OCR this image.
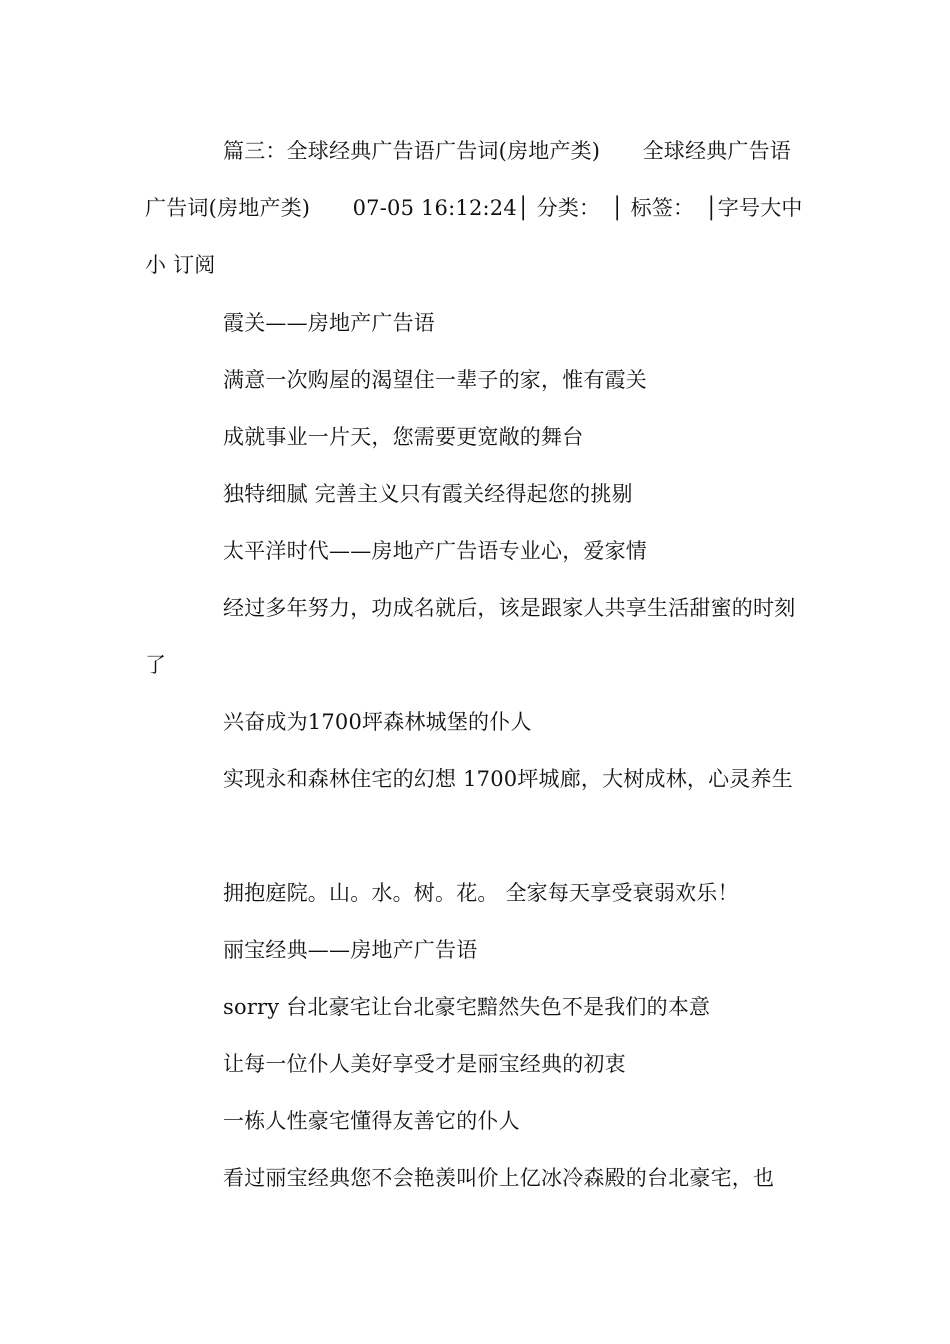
篇三：全球经典广告语广告词(房地产类)　　全球经典广告语广告词(房地产类)　　07-05 16:12:24│ 分类：　│ 标签：　│字号大中小 订阅

霞关——房地产广告语

满意一次购屋的渴望住一辈子的家，惟有霞关

成就事业一片天，您需要更宽敞的舞台

独特细腻 完善主义只有霞关经得起您的挑剔

太平洋时代——房地产广告语专业心，爱家情

经过多年努力，功成名就后，该是跟家人共享生活甜蜜的时刻了

兴奋成为1700坪森林城堡的仆人

实现永和森林住宅的幻想 1700坪城廊，大树成林，心灵养生

拥抱庭院。山。水。树。花。 全家每天享受衰弱欢乐！

丽宝经典——房地产广告语

sorry 台北豪宅让台北豪宅黯然失色不是我们的本意

让每一位仆人美好享受才是丽宝经典的初衷

一栋人性豪宅懂得友善它的仆人

看过丽宝经典您不会艳羡叫价上亿冰冷森殿的台北豪宅，也
